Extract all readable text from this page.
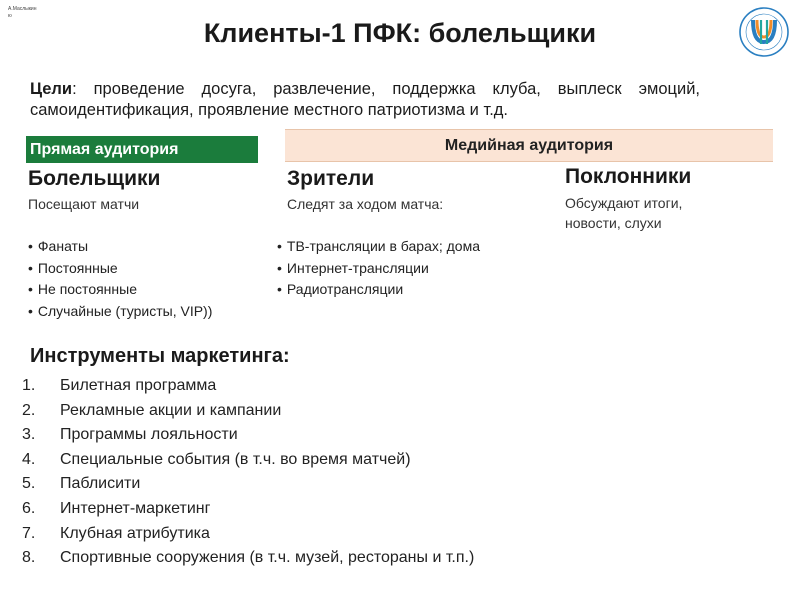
А.Маслыкин
ю
Клиенты-1 ПФК: болельщики
Цели: проведение досуга, развлечение, поддержка клуба, выплеск эмоций, самоидентификация, проявление местного патриотизма и т.д.
Прямая аудитория	Медийная аудитория
Болельщики
Посещают матчи
• Фанаты
• Постоянные
• Не постоянные
• Случайные (туристы, VIP))
Зрители
Следят за ходом матча:
• ТВ-трансляции в барах; дома
• Интернет-трансляции
• Радиотрансляции
Поклонники
Обсуждают итоги, новости, слухи
Инструменты маркетинга:
1.	Билетная программа
2.	Рекламные акции и кампании
3.	Программы лояльности
4.	Специальные события (в т.ч. во время матчей)
5.	Паблисити
6.	Интернет-маркетинг
7.	Клубная атрибутика
8.	Спортивные сооружения (в т.ч. музей, рестораны и т.п.)
